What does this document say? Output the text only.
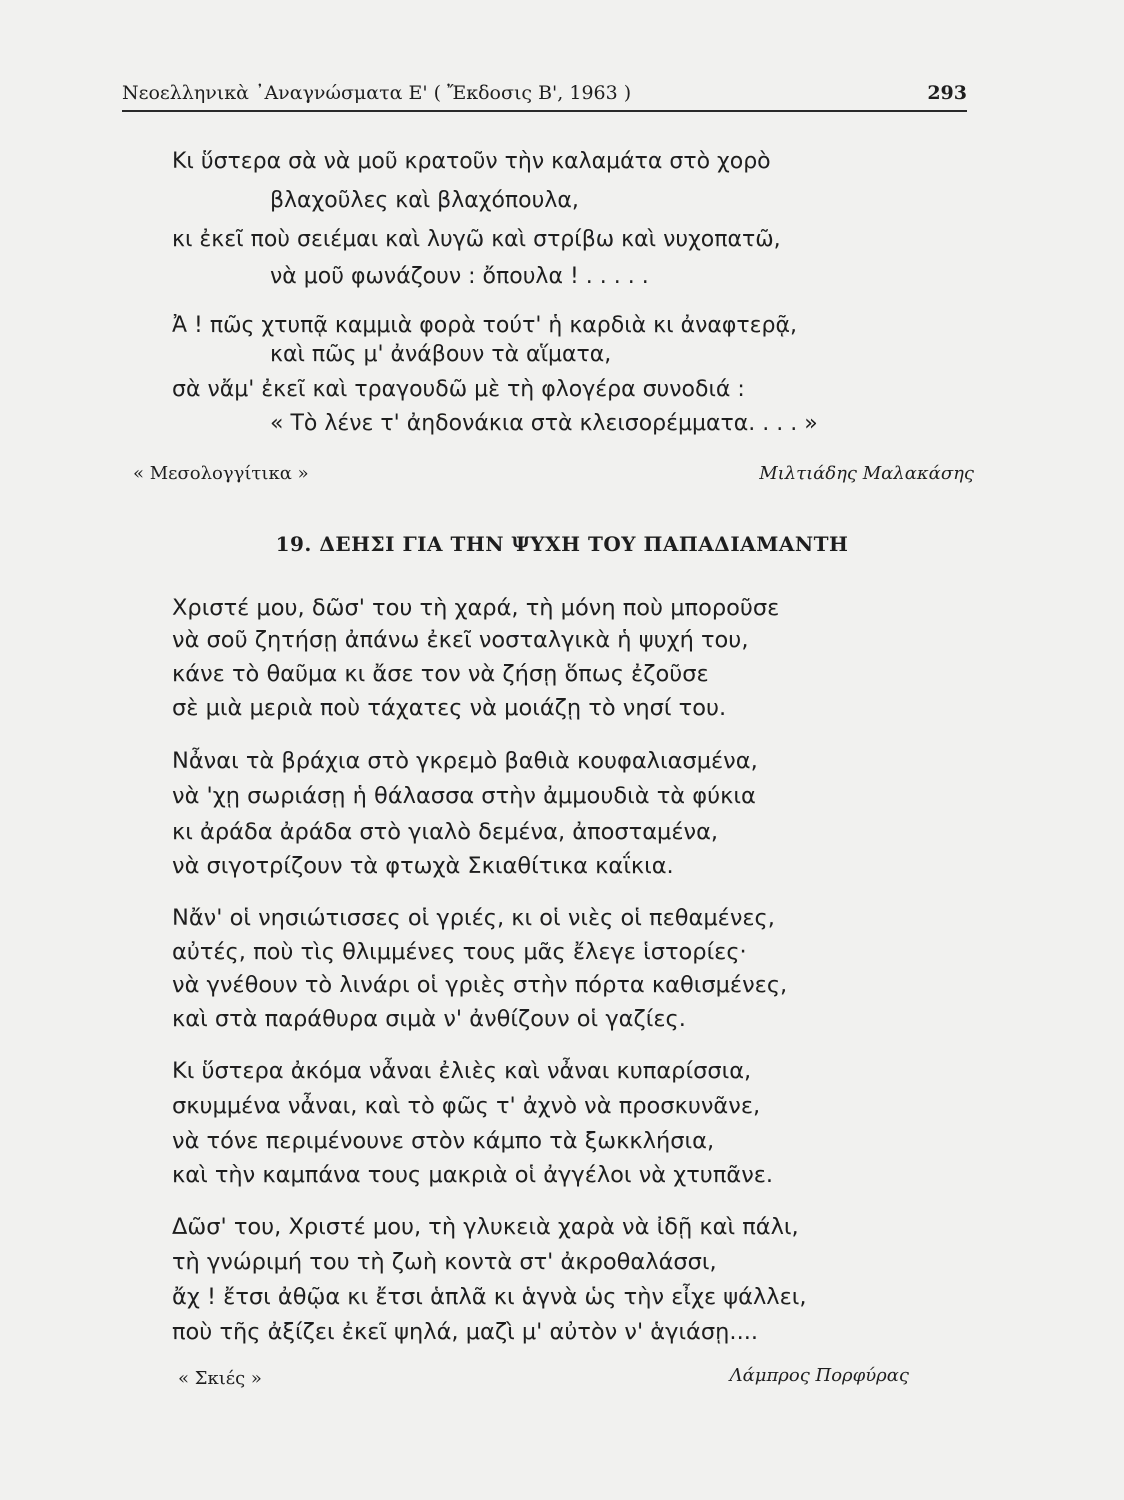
Νεοελληνικὰ ᾿Αναγνώσματα Ε' ( Ἔκδοσις Β', 1963 )	293
Κι ὕστερα σὰ νὰ μοῦ κρατοῦν τὴν καλαμάτα στὸ χορὸ
βλαχοῦλες καὶ βλαχόπουλα,
κι ἐκεῖ ποὺ σειέμαι καὶ λυγῶ καὶ στρίβω καὶ νυχοπατῶ,
νὰ μοῦ φωνάζουν : ὄπουλα ! . . . . .
Ἀ ! πῶς χτυπᾷ καμμιὰ φορὰ τούτ' ἡ καρδιὰ κι ἀναφτερᾷ,
καὶ πῶς μ' ἀνάβουν τὰ αἵματα,
σὰ νἄμ' ἐκεῖ καὶ τραγουδῶ μὲ τὴ φλογέρα συνοδιά :
« Τὸ λένε τ' ἀηδονάκια στὰ κλεισορέμματα. . . . »
« Μεσολογγίτικα »	Μιλτιάδης Μαλακάσης
19. ΔΕΗΣΙ ΓΙΑ ΤΗΝ ΨΥΧΗ ΤΟΥ ΠΑΠΑΔΙΑΜΑΝΤΗ
Χριστέ μου, δῶσ' του τὴ χαρά, τὴ μόνη ποὺ μποροῦσε
νὰ σοῦ ζητήσῃ ἀπάνω ἐκεῖ νοσταλγικὰ ἡ ψυχή του,
κάνε τὸ θαῦμα κι ἄσε τον νὰ ζήσῃ ὅπως ἐζοῦσε
σὲ μιὰ μεριὰ ποὺ τάχατες νὰ μοιάζῃ τὸ νησί του.
Νἆναι τὰ βράχια στὸ γκρεμὸ βαθιὰ κουφαλιασμένα,
νὰ 'χῃ σωριάσῃ ἡ θάλασσα στὴν ἀμμουδιὰ τὰ φύκια
κι ἀράδα ἀράδα στὸ γιαλὸ δεμένα, ἀποσταμένα,
νὰ σιγοτρίζουν τὰ φτωχὰ Σκιαθίτικα καΐκια.
Νἄν' οἱ νησιώτισσες οἱ γριές, κι οἱ νιὲς οἱ πεθαμένες,
αὐτές, ποὺ τὶς θλιμμένες τους μᾶς ἔλεγε ἱστορίες·
νὰ γνέθουν τὸ λινάρι οἱ γριὲς στὴν πόρτα καθισμένες,
καὶ στὰ παράθυρα σιμὰ ν' ἀνθίζουν οἱ γαζίες.
Κι ὕστερα ἀκόμα νἆναι ἐλιὲς καὶ νἆναι κυπαρίσσια,
σκυμμένα νἆναι, καὶ τὸ φῶς τ' ἀχνὸ νὰ προσκυνᾶνε,
νὰ τόνε περιμένουνε στὸν κάμπο τὰ ξωκκλήσια,
καὶ τὴν καμπάνα τους μακριὰ οἱ ἀγγέλοι νὰ χτυπᾶνε.
Δῶσ' του, Χριστέ μου, τὴ γλυκειὰ χαρὰ νὰ ἰδῇ καὶ πάλι,
τὴ γνώριμή του τὴ ζωὴ κοντὰ στ' ἀκροθαλάσσι,
ἄχ ! ἔτσι ἀθῷα κι ἔτσι ἁπλᾶ κι ἁγνὰ ὡς τὴν εἶχε ψάλλει,
ποὺ τῆς ἀξίζει ἐκεῖ ψηλά, μαζὶ μ' αὐτὸν ν' ἁγιάσῃ....
« Σκιές »	Λάμπρος Πορφύρας
